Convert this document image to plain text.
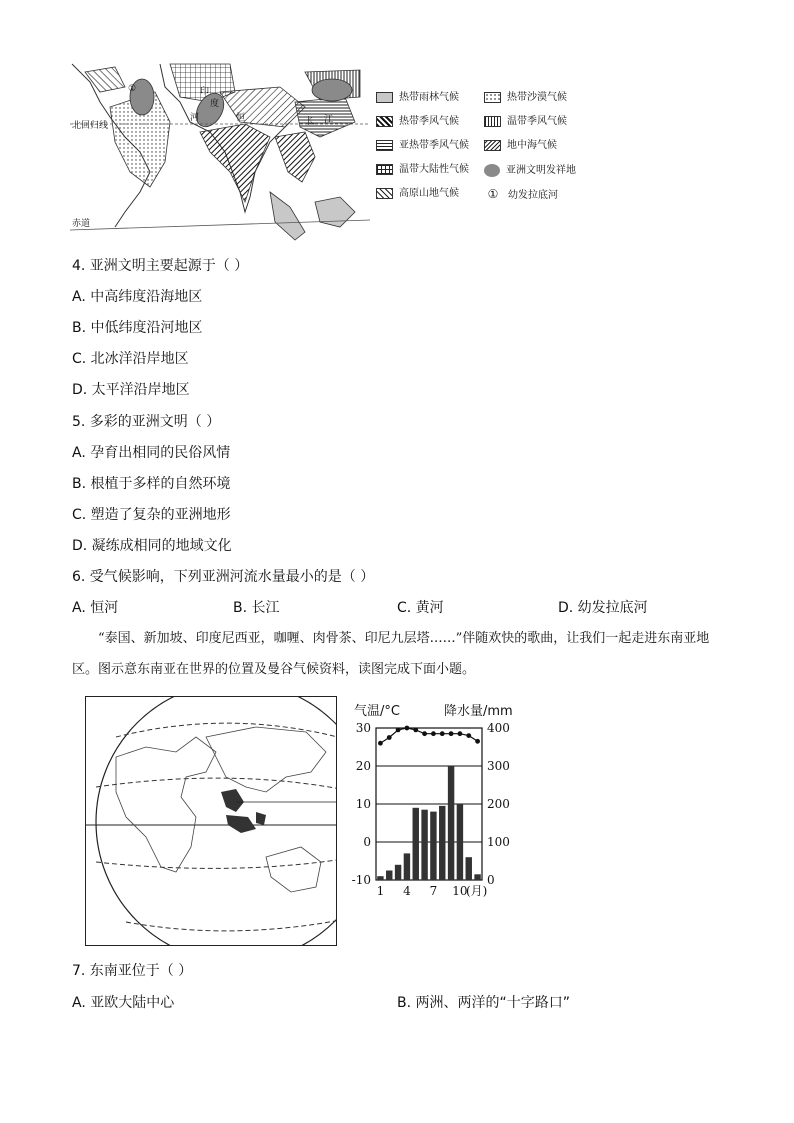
北回归线
赤道
印
度
河	恒	长 江
①
热带雨林气候	热带沙漠气候
热带季风气候	温带季风气候
亚热带季风气候	地中海气候
温带大陆性气候	亚洲文明发祥地
高原山地气候	① 幼发拉底河
4. 亚洲文明主要起源于（ ）
A. 中高纬度沿海地区
B. 中低纬度沿河地区
C. 北冰洋沿岸地区
D. 太平洋沿岸地区
5. 多彩的亚洲文明（ ）
A. 孕育出相同的民俗风情
B. 根植于多样的自然环境
C. 塑造了复杂的亚洲地形
D. 凝练成相同的地域文化
6. 受气候影响，下列亚洲河流水量最小的是（ ）
A. 恒河	B. 长江	C. 黄河	D. 幼发拉底河
“泰国、新加坡、印度尼西亚，咖喱、肉骨茶、印尼九层塔……”伴随欢快的歌曲，让我们一起走进东南亚地区。图示意东南亚在世界的位置及曼谷气候资料，读图完成下面小题。
气温/°C	降水量/mm
30
20
10
0
-10
400
300
200
100
0
1 4 7 10
(月)
7. 东南亚位于（ ）
A. 亚欧大陆中心	B. 两洲、两洋的“十字路口”
